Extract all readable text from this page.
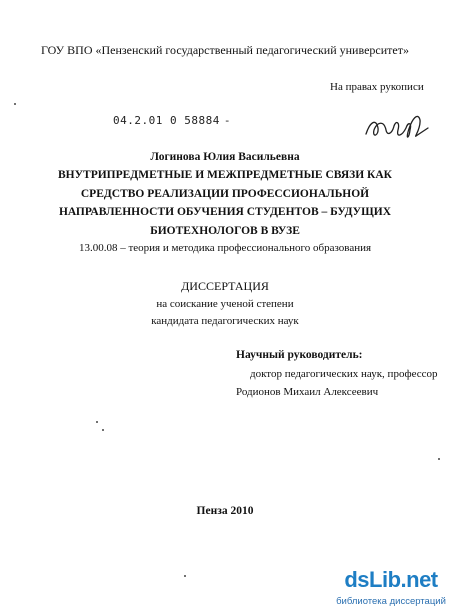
ГОУ ВПО «Пензенский государственный педагогический университет»
На правах рукописи
04.2.01 0 58884 -
Логинова Юлия Васильевна
ВНУТРИПРЕДМЕТНЫЕ И МЕЖПРЕДМЕТНЫЕ СВЯЗИ КАК
СРЕДСТВО РЕАЛИЗАЦИИ ПРОФЕССИОНАЛЬНОЙ
НАПРАВЛЕННОСТИ ОБУЧЕНИЯ СТУДЕНТОВ – БУДУЩИХ
БИОТЕХНОЛОГОВ В ВУЗЕ
13.00.08 – теория и методика профессионального образования
ДИССЕРТАЦИЯ
на соискание ученой степени
кандидата педагогических наук
Научный руководитель:
доктор педагогических наук, профессор
Родионов Михаил Алексеевич
Пенза 2010
dsLib.net
библиотека диссертаций
